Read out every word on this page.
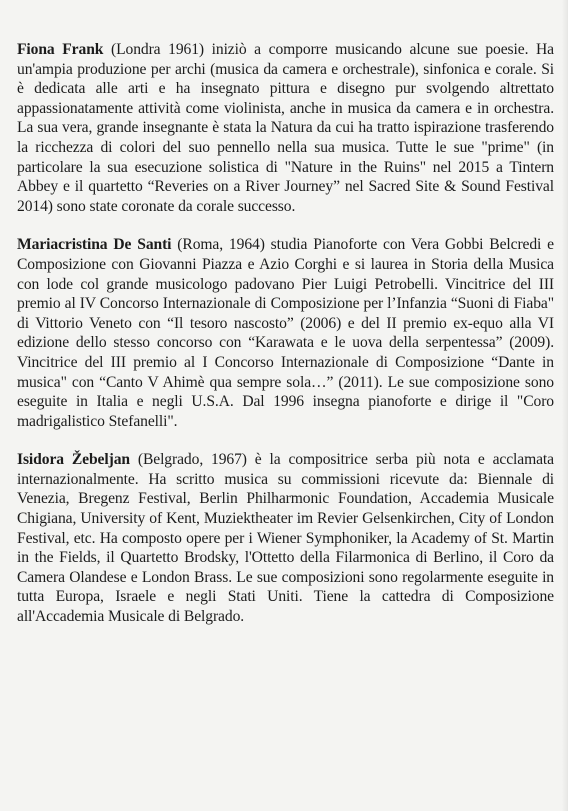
Fiona Frank (Londra 1961) iniziò a comporre musicando alcune sue poesie. Ha un'ampia produzione per archi (musica da camera e orchestrale), sinfonica e corale. Si è dedicata alle arti e ha insegnato pittura e disegno pur svolgendo altrettato appassionatamente attività come violinista, anche in musica da camera e in orchestra. La sua vera, grande insegnante è stata la Natura da cui ha tratto ispirazione trasferendo la ricchezza di colori del suo pennello nella sua musica. Tutte le sue "prime" (in particolare la sua esecuzione solistica di "Nature in the Ruins" nel 2015 a Tintern Abbey e il quartetto “Reveries on a River Journey” nel Sacred Site & Sound Festival 2014) sono state coronate da corale successo.

Mariacristina De Santi (Roma, 1964) studia Pianoforte con Vera Gobbi Belcredi e Composizione con Giovanni Piazza e Azio Corghi e si laurea in Storia della Musica con lode col grande musicologo padovano Pier Luigi Petrobelli. Vincitrice del III premio al IV Concorso Internazionale di Composizione per l’Infanzia “Suoni di Fiaba" di Vittorio Veneto con “Il tesoro nascosto” (2006) e del II premio ex-equo alla VI edizione dello stesso concorso con “Karawata e le uova della serpentessa” (2009). Vincitrice del III premio al I Concorso Internazionale di Composizione “Dante in musica" con “Canto V Ahimè qua sempre sola…” (2011). Le sue composizione sono eseguite in Italia e negli U.S.A. Dal 1996 insegna pianoforte e dirige il "Coro madrigalistico Stefanelli".

Isidora Žebeljan (Belgrado, 1967) è la compositrice serba più nota e acclamata internazionalmente. Ha scritto musica su commissioni ricevute da: Biennale di Venezia, Bregenz Festival, Berlin Philharmonic Foundation, Accademia Musicale Chigiana, University of Kent, Muziektheater im Revier Gelsenkirchen, City of London Festival, etc. Ha composto opere per i Wiener Symphoniker, la Academy of St. Martin in the Fields, il Quartetto Brodsky, l'Ottetto della Filarmonica di Berlino, il Coro da Camera Olandese e London Brass. Le sue composizioni sono regolarmente eseguite in tutta Europa, Israele e negli Stati Uniti. Tiene la cattedra di Composizione all'Accademia Musicale di Belgrado.
